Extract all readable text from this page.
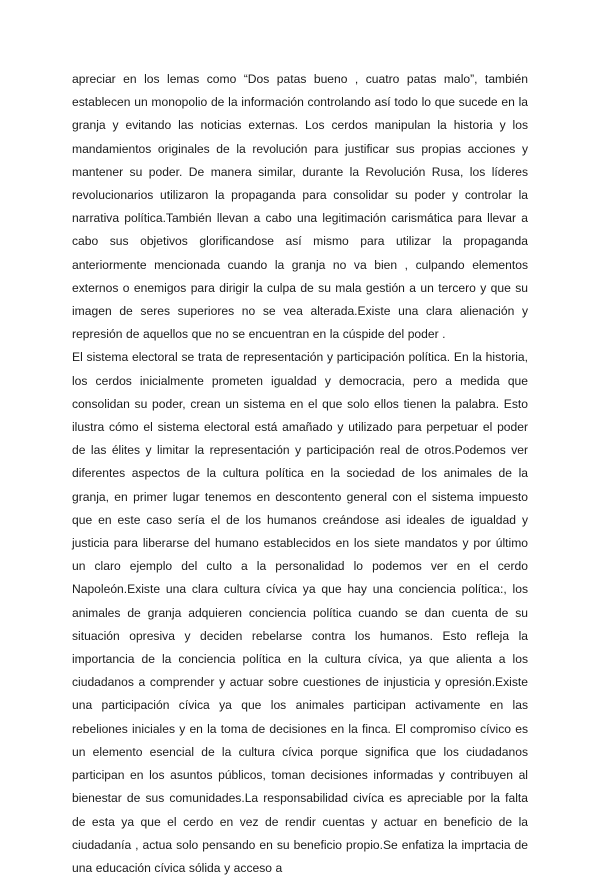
apreciar en los lemas como “Dos patas bueno , cuatro patas malo”, también establecen un monopolio de la información controlando así todo lo que sucede en la granja y evitando las noticias externas. Los cerdos manipulan la historia y los mandamientos originales de la revolución para justificar sus propias acciones y mantener su poder. De manera similar, durante la Revolución Rusa, los líderes revolucionarios utilizaron la propaganda para consolidar su poder y controlar la narrativa política.También llevan a cabo una legitimación carismática para llevar a cabo sus objetivos glorificandose así mismo para utilizar la propaganda anteriormente mencionada cuando la granja no va bien , culpando elementos externos o enemigos para dirigir la culpa de su mala gestión a un tercero y que su imagen de seres superiores no se vea alterada.Existe una clara alienación y represión de aquellos que no se encuentran en la cúspide del poder .

El sistema electoral se trata de representación y participación política. En la historia, los cerdos inicialmente prometen igualdad y democracia, pero a medida que consolidan su poder, crean un sistema en el que solo ellos tienen la palabra. Esto ilustra cómo el sistema electoral está amañado y utilizado para perpetuar el poder de las élites y limitar la representación y participación real de otros.Podemos ver diferentes aspectos de la cultura política en la sociedad de los animales de la granja, en primer lugar tenemos en descontento general con el sistema impuesto que en este caso sería el de los humanos creándose asi ideales de igualdad y justicia para liberarse del humano establecidos en los siete mandatos y por último un claro ejemplo del culto a la personalidad lo podemos ver en el cerdo Napoleón.Existe una clara cultura cívica ya que hay una conciencia política:, los animales de granja adquieren conciencia política cuando se dan cuenta de su situación opresiva y deciden rebelarse contra los humanos. Esto refleja la importancia de la conciencia política en la cultura cívica, ya que alienta a los ciudadanos a comprender y actuar sobre cuestiones de injusticia y opresión.Existe una participación cívica ya que los animales participan activamente en las rebeliones iniciales y en la toma de decisiones en la finca. El compromiso cívico es un elemento esencial de la cultura cívica porque significa que los ciudadanos participan en los asuntos públicos, toman decisiones informadas y contribuyen al bienestar de sus comunidades.La responsabilidad civíca es apreciable por la falta de esta ya que el cerdo en vez de rendir cuentas y actuar en beneficio de la ciudadanía , actua solo pensando en su beneficio propio.Se enfatiza la imprtacia de una educación cívica sólida y acceso a
